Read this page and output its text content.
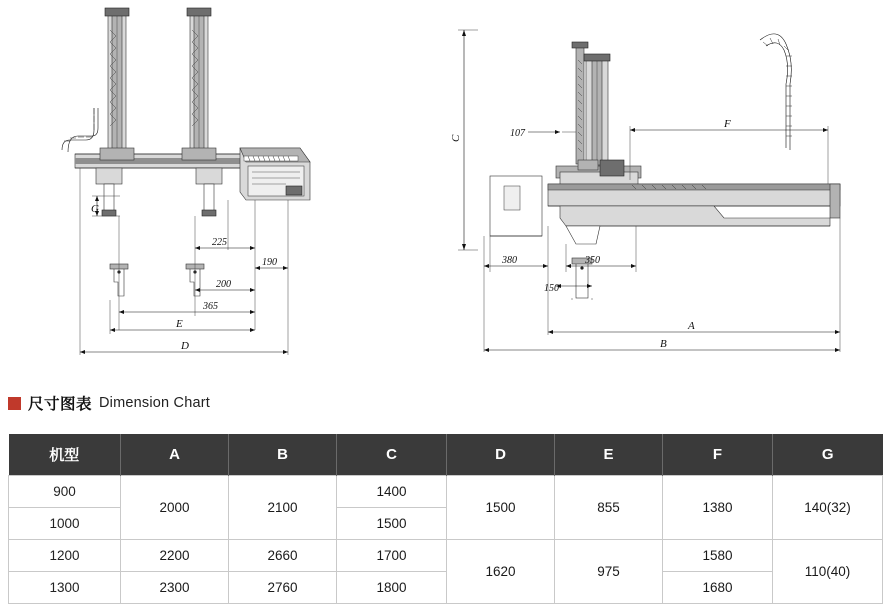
G
225
190
200
365
E
D
C	107
F
380	350
150
A
B
尺寸图表 Dimension Chart
机型	A	B	C	D	E	F	G
900	2000	2100	1400	1500	855	1380	140(32)
1000			1500				
1200	2200	2660	1700	1620	975	1580	110(40)
1300	2300	2760	1800			1680	
